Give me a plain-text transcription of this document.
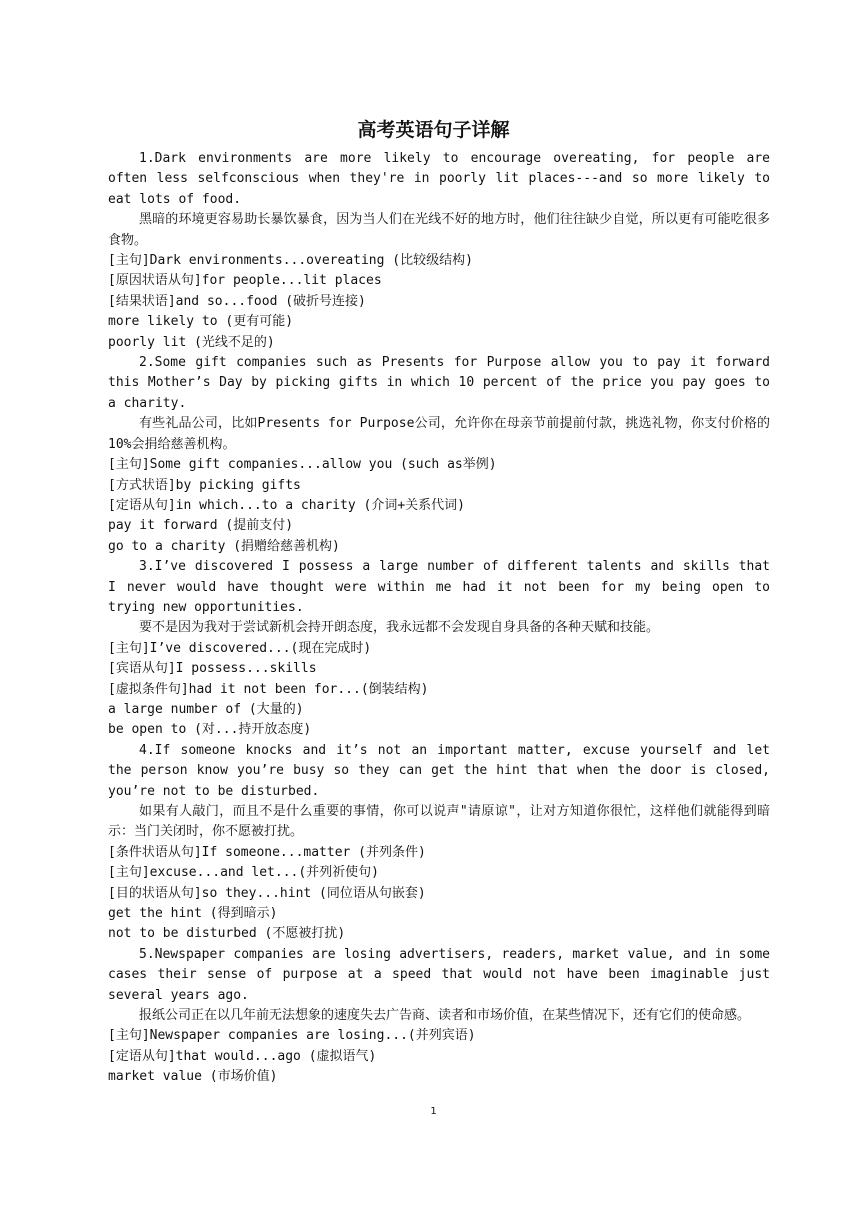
高考英语句子详解

1.Dark environments are more likely to encourage overeating, for people are often less selfconscious when they're in poorly lit places---and so more likely to eat lots of food.

黑暗的环境更容易助长暴饮暴食，因为当人们在光线不好的地方时，他们往往缺少自觉，所以更有可能吃很多食物。

[主句]Dark environments...overeating (比较级结构)

[原因状语从句]for people...lit places

[结果状语]and so...food (破折号连接)

more likely to (更有可能)

poorly lit (光线不足的)

2.Some gift companies such as Presents for Purpose allow you to pay it forward this Mother’s Day by picking gifts in which 10 percent of the price you pay goes to a charity.

有些礼品公司，比如Presents for Purpose公司，允许你在母亲节前提前付款，挑选礼物，你支付价格的 10%会捐给慈善机构。

[主句]Some gift companies...allow you (such as举例)

[方式状语]by picking gifts

[定语从句]in which...to a charity (介词+关系代词)

pay it forward (提前支付)

go to a charity (捐赠给慈善机构)

3.I’ve discovered I possess a large number of different talents and skills that I never would have thought were within me had it not been for my being open to trying new opportunities.

要不是因为我对于尝试新机会持开朗态度，我永远都不会发现自身具备的各种天赋和技能。

[主句]I’ve discovered...(现在完成时)

[宾语从句]I possess...skills

[虚拟条件句]had it not been for...(倒装结构)

a large number of (大量的)

be open to (对...持开放态度)

4.If someone knocks and it’s not an important matter, excuse yourself and let the person know you’re busy so they can get the hint that when the door is closed, you’re not to be disturbed.

如果有人敲门，而且不是什么重要的事情，你可以说声"请原谅"，让对方知道你很忙，这样他们就能得到暗示：当门关闭时，你不愿被打扰。

[条件状语从句]If someone...matter (并列条件)

[主句]excuse...and let...(并列祈使句)

[目的状语从句]so they...hint (同位语从句嵌套)

get the hint (得到暗示)

not to be disturbed (不愿被打扰)

5.Newspaper companies are losing advertisers, readers, market value, and in some cases their sense of purpose at a speed that would not have been imaginable just several years ago.

报纸公司正在以几年前无法想象的速度失去广告商、读者和市场价值，在某些情况下，还有它们的使命感。

[主句]Newspaper companies are losing...(并列宾语)

[定语从句]that would...ago (虚拟语气)

market value (市场价值)

1
